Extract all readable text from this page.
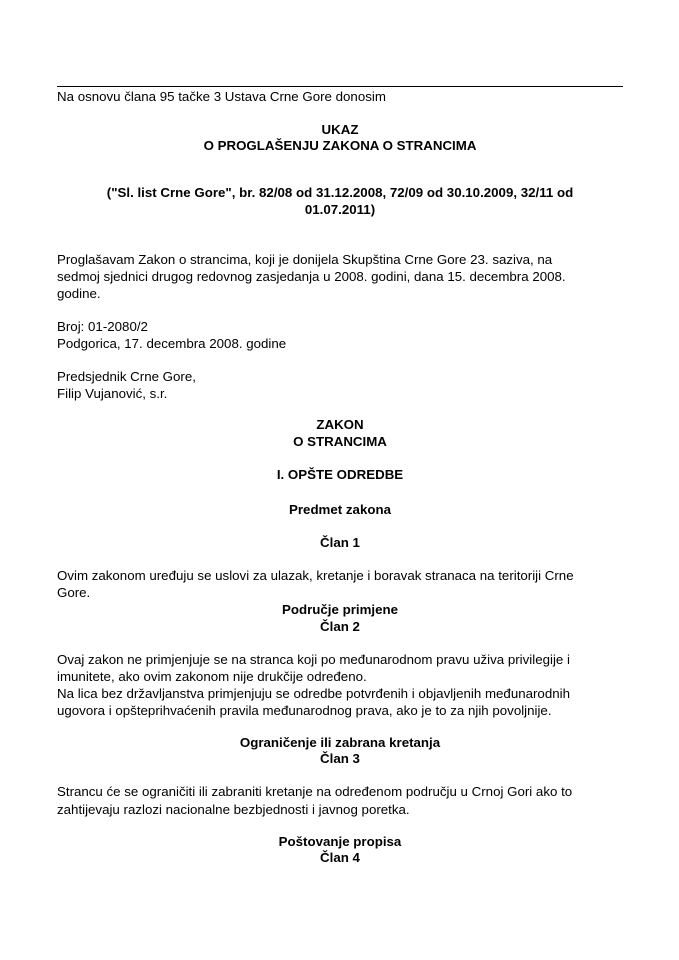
Na osnovu člana 95 tačke 3 Ustava Crne Gore donosim
UKAZ
O PROGLAŠENJU ZAKONA O STRANCIMA
("Sl. list Crne Gore", br. 82/08 od 31.12.2008, 72/09 od 30.10.2009, 32/11 od
01.07.2011)
Proglašavam Zakon o strancima, koji je donijela Skupština Crne Gore 23. saziva, na
sedmoj sjednici drugog redovnog zasjedanja u 2008. godini, dana 15. decembra 2008.
godine.
Broj: 01-2080/2
Podgorica, 17. decembra 2008. godine
Predsjednik Crne Gore,
Filip Vujanović, s.r.
ZAKON
O STRANCIMA
I. OPŠTE ODREDBE
Predmet zakona
Član 1
Ovim zakonom uređuju se uslovi za ulazak, kretanje i boravak stranaca na teritoriji Crne
Gore.
Područje primjene
Član 2
Ovaj zakon ne primjenjuje se na stranca koji po međunarodnom pravu uživa privilegije i
imunitete, ako ovim zakonom nije drukčije određeno.
Na lica bez državljanstva primjenjuju se odredbe potvrđenih i objavljenih međunarodnih
ugovora i opšteprihvaćenih pravila međunarodnog prava, ako je to za njih povoljnije.
Ograničenje ili zabrana kretanja
Član 3
Strancu će se ograničiti ili zabraniti kretanje na određenom području u Crnoj Gori ako to
zahtijevaju razlozi nacionalne bezbjednosti i javnog poretka.
Poštovanje propisa
Član 4
